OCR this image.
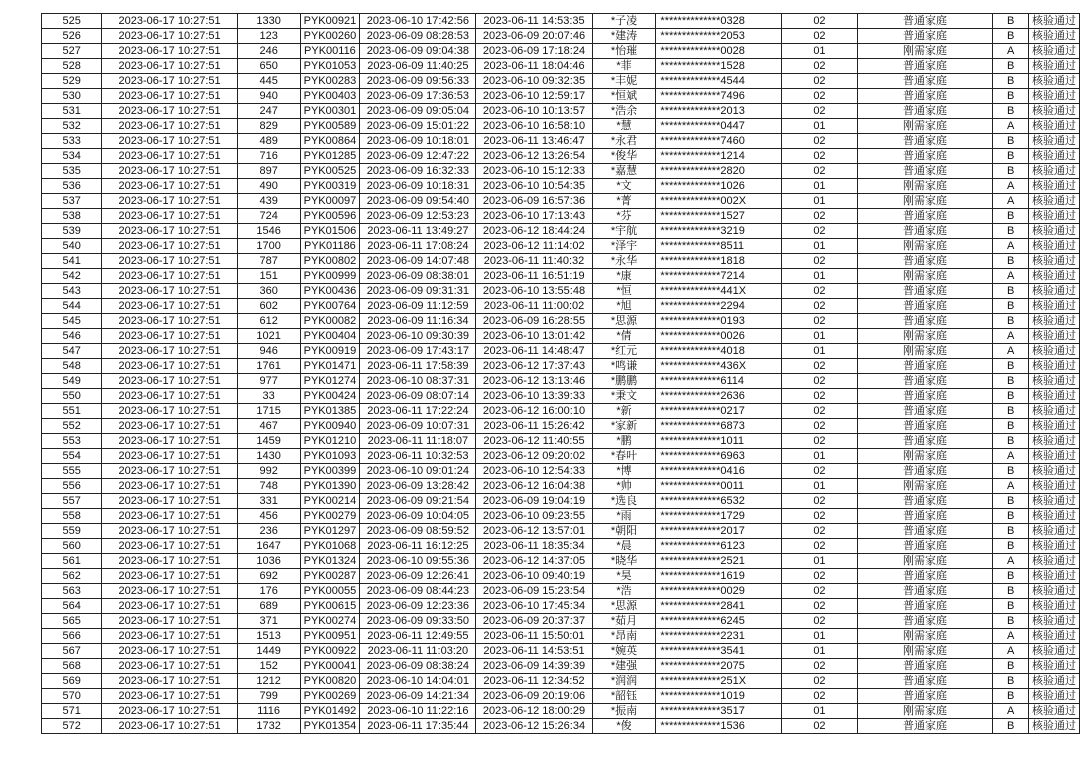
525	2023-06-17 10:27:51	1330	PYK00921	2023-06-10 17:42:56	2023-06-11 14:53:35	*子凌	**************0328	02	普通家庭	B	核验通过
526	2023-06-17 10:27:51	123	PYK00260	2023-06-09 08:28:53	2023-06-09 20:07:46	*建涛	**************2053	02	普通家庭	B	核验通过
527	2023-06-17 10:27:51	246	PYK00116	2023-06-09 09:04:38	2023-06-09 17:18:24	*怡璀	**************0028	01	刚需家庭	A	核验通过
528	2023-06-17 10:27:51	650	PYK01053	2023-06-09 11:40:25	2023-06-11 18:04:46	*菲	**************1528	02	普通家庭	B	核验通过
529	2023-06-17 10:27:51	445	PYK00283	2023-06-09 09:56:33	2023-06-10 09:32:35	*丰妮	**************4544	02	普通家庭	B	核验通过
530	2023-06-17 10:27:51	940	PYK00403	2023-06-09 17:36:53	2023-06-10 12:59:17	*恒斌	**************7496	02	普通家庭	B	核验通过
531	2023-06-17 10:27:51	247	PYK00301	2023-06-09 09:05:04	2023-06-10 10:13:57	*浩余	**************2013	02	普通家庭	B	核验通过
532	2023-06-17 10:27:51	829	PYK00589	2023-06-09 15:01:22	2023-06-10 16:58:10	*慧	**************0447	01	刚需家庭	A	核验通过
533	2023-06-17 10:27:51	489	PYK00864	2023-06-09 10:18:01	2023-06-11 13:46:47	*永君	**************7460	02	普通家庭	B	核验通过
534	2023-06-17 10:27:51	716	PYK01285	2023-06-09 12:47:22	2023-06-12 13:26:54	*俊华	**************1214	02	普通家庭	B	核验通过
535	2023-06-17 10:27:51	897	PYK00525	2023-06-09 16:32:33	2023-06-10 15:12:33	*嘉慧	**************2820	02	普通家庭	B	核验通过
536	2023-06-17 10:27:51	490	PYK00319	2023-06-09 10:18:31	2023-06-10 10:54:35	*文	**************1026	01	刚需家庭	A	核验通过
537	2023-06-17 10:27:51	439	PYK00097	2023-06-09 09:54:40	2023-06-09 16:57:36	*菁	**************002X	01	刚需家庭	A	核验通过
538	2023-06-17 10:27:51	724	PYK00596	2023-06-09 12:53:23	2023-06-10 17:13:43	*芬	**************1527	02	普通家庭	B	核验通过
539	2023-06-17 10:27:51	1546	PYK01506	2023-06-11 13:49:27	2023-06-12 18:44:24	*宇航	**************3219	02	普通家庭	B	核验通过
540	2023-06-17 10:27:51	1700	PYK01186	2023-06-11 17:08:24	2023-06-12 11:14:02	*泽宇	**************8511	01	刚需家庭	A	核验通过
541	2023-06-17 10:27:51	787	PYK00802	2023-06-09 14:07:48	2023-06-11 11:40:32	*永华	**************1818	02	普通家庭	B	核验通过
542	2023-06-17 10:27:51	151	PYK00999	2023-06-09 08:38:01	2023-06-11 16:51:19	*康	**************7214	01	刚需家庭	A	核验通过
543	2023-06-17 10:27:51	360	PYK00436	2023-06-09 09:31:31	2023-06-10 13:55:48	*恒	**************441X	02	普通家庭	B	核验通过
544	2023-06-17 10:27:51	602	PYK00764	2023-06-09 11:12:59	2023-06-11 11:00:02	*旭	**************2294	02	普通家庭	B	核验通过
545	2023-06-17 10:27:51	612	PYK00082	2023-06-09 11:16:34	2023-06-09 16:28:55	*思源	**************0193	02	普通家庭	B	核验通过
546	2023-06-17 10:27:51	1021	PYK00404	2023-06-10 09:30:39	2023-06-10 13:01:42	*倩	**************0026	01	刚需家庭	A	核验通过
547	2023-06-17 10:27:51	946	PYK00919	2023-06-09 17:43:17	2023-06-11 14:48:47	*红元	**************4018	01	刚需家庭	A	核验通过
548	2023-06-17 10:27:51	1761	PYK01471	2023-06-11 17:58:39	2023-06-12 17:37:43	*鸣谦	**************436X	02	普通家庭	B	核验通过
549	2023-06-17 10:27:51	977	PYK01274	2023-06-10 08:37:31	2023-06-12 13:13:46	*鹏鹏	**************6114	02	普通家庭	B	核验通过
550	2023-06-17 10:27:51	33	PYK00424	2023-06-09 08:07:14	2023-06-10 13:39:33	*秉文	**************2636	02	普通家庭	B	核验通过
551	2023-06-17 10:27:51	1715	PYK01385	2023-06-11 17:22:24	2023-06-12 16:00:10	*新	**************0217	02	普通家庭	B	核验通过
552	2023-06-17 10:27:51	467	PYK00940	2023-06-09 10:07:31	2023-06-11 15:26:42	*家新	**************6873	02	普通家庭	B	核验通过
553	2023-06-17 10:27:51	1459	PYK01210	2023-06-11 11:18:07	2023-06-12 11:40:55	*鹏	**************1011	02	普通家庭	B	核验通过
554	2023-06-17 10:27:51	1430	PYK01093	2023-06-11 10:32:53	2023-06-12 09:20:02	*春叶	**************6963	01	刚需家庭	A	核验通过
555	2023-06-17 10:27:51	992	PYK00399	2023-06-10 09:01:24	2023-06-10 12:54:33	*博	**************0416	02	普通家庭	B	核验通过
556	2023-06-17 10:27:51	748	PYK01390	2023-06-09 13:28:42	2023-06-12 16:04:38	*帅	**************0011	01	刚需家庭	A	核验通过
557	2023-06-17 10:27:51	331	PYK00214	2023-06-09 09:21:54	2023-06-09 19:04:19	*选良	**************6532	02	普通家庭	B	核验通过
558	2023-06-17 10:27:51	456	PYK00279	2023-06-09 10:04:05	2023-06-10 09:23:55	*雨	**************1729	02	普通家庭	B	核验通过
559	2023-06-17 10:27:51	236	PYK01297	2023-06-09 08:59:52	2023-06-12 13:57:01	*朝阳	**************2017	02	普通家庭	B	核验通过
560	2023-06-17 10:27:51	1647	PYK01068	2023-06-11 16:12:25	2023-06-11 18:35:34	*晨	**************6123	02	普通家庭	B	核验通过
561	2023-06-17 10:27:51	1036	PYK01324	2023-06-10 09:55:36	2023-06-12 14:37:05	*晓华	**************2521	01	刚需家庭	A	核验通过
562	2023-06-17 10:27:51	692	PYK00287	2023-06-09 12:26:41	2023-06-10 09:40:19	*昊	**************1619	02	普通家庭	B	核验通过
563	2023-06-17 10:27:51	176	PYK00055	2023-06-09 08:44:23	2023-06-09 15:23:54	*浩	**************0029	02	普通家庭	B	核验通过
564	2023-06-17 10:27:51	689	PYK00615	2023-06-09 12:23:36	2023-06-10 17:45:34	*思源	**************2841	02	普通家庭	B	核验通过
565	2023-06-17 10:27:51	371	PYK00274	2023-06-09 09:33:50	2023-06-09 20:37:37	*茹月	**************6245	02	普通家庭	B	核验通过
566	2023-06-17 10:27:51	1513	PYK00951	2023-06-11 12:49:55	2023-06-11 15:50:01	*昂南	**************2231	01	刚需家庭	A	核验通过
567	2023-06-17 10:27:51	1449	PYK00922	2023-06-11 11:03:20	2023-06-11 14:53:51	*婉英	**************3541	01	刚需家庭	A	核验通过
568	2023-06-17 10:27:51	152	PYK00041	2023-06-09 08:38:24	2023-06-09 14:39:39	*建强	**************2075	02	普通家庭	B	核验通过
569	2023-06-17 10:27:51	1212	PYK00820	2023-06-10 14:04:01	2023-06-11 12:34:52	*润润	**************251X	02	普通家庭	B	核验通过
570	2023-06-17 10:27:51	799	PYK00269	2023-06-09 14:21:34	2023-06-09 20:19:06	*韶钰	**************1019	02	普通家庭	B	核验通过
571	2023-06-17 10:27:51	1116	PYK01492	2023-06-10 11:22:16	2023-06-12 18:00:29	*振南	**************3517	01	刚需家庭	A	核验通过
572	2023-06-17 10:27:51	1732	PYK01354	2023-06-11 17:35:44	2023-06-12 15:26:34	*俊	**************1536	02	普通家庭	B	核验通过
